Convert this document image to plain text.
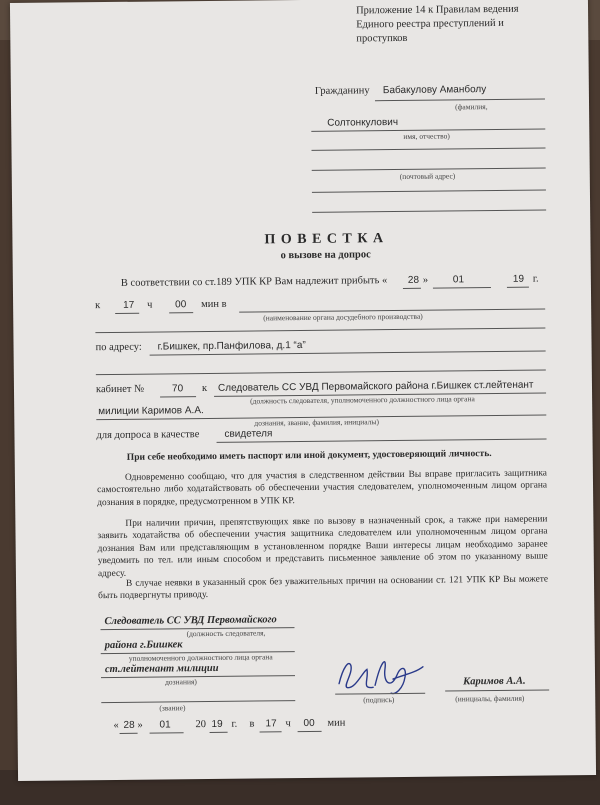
Приложение 14 к Правилам ведения
Единого реестра преступлений и
проступков
Гражданину Бабакулову Аманболу
(фамилия,
Солтонкулович
имя, отчество)
(почтовый адрес)
П О В Е С Т К А
о вызове на допрос
В соответствии со ст.189 УПК КР Вам надлежит прибыть « 28 » 01	19 г.
к 17 ч 00 мин в
(наименование органа досудебного производства)
по адресу: г.Бишкек, пр.Панфилова, д.1 “а”
кабинет №	70 к Следователь СС УВД Первомайского района г.Бишкек ст.лейтенант
(должность следователя, уполномоченного должностного лица органа
милиции Каримов А.А.
дознания, звание, фамилия, инициалы)
для допроса в качестве	свидетеля
При себе необходимо иметь паспорт или иной документ, удостоверяющий личность.
Одновременно сообщаю, что для участия в следственном действии Вы вправе пригласить защитника самостоятельно либо ходатайствовать об обеспечении участия следователем, уполномоченным лицом органа дознания в порядке, предусмотренном в УПК КР.
При наличии причин, препятствующих явке по вызову в назначенный срок, а также при намерении заявить ходатайства об обеспечении участия защитника следователем или уполномоченным лицом органа дознания Вам или представляющим в установленном порядке Ваши интересы лицам необходимо заранее уведомить по тел. или иным способом и представить письменное заявление об этом по указанному выше адресу.
В случае неявки в указанный срок без уважительных причин на основании ст. 121 УПК КР Вы можете быть подвергнуты приводу.
Следователь СС УВД Первомайского
(должность следователя,
района г.Бишкек
уполномоченного должностного лица органа
ст.лейтенант милиции
дознания)
(звание)
(подпись)
Каримов А.А.
(инициалы, фамилия)
« 28 » 01 20 19 г. в 17 ч 00 мин
